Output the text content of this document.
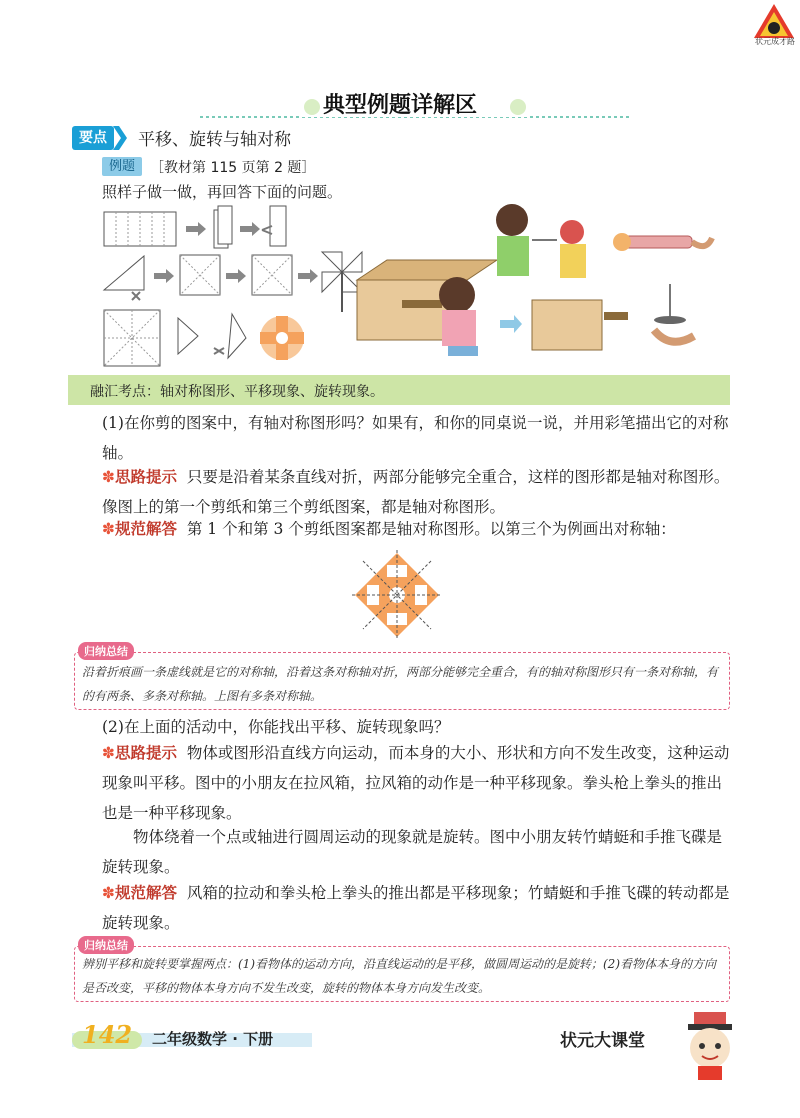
状元成才路
典型例题详解区
要点	平移、旋转与轴对称
例题	［教材第 115 页第 2 题］
照样子做一做，再回答下面的问题。
融汇考点：轴对称图形、平移现象、旋转现象。
(1)在你剪的图案中，有轴对称图形吗？如果有，和你的同桌说一说，并用彩笔描出它的对称轴。
✽思路提示 只要是沿着某条直线对折，两部分能够完全重合，这样的图形都是轴对称图形。像图上的第一个剪纸和第三个剪纸图案，都是轴对称图形。
✽规范解答 第 1 个和第 3 个剪纸图案都是轴对称图形。以第三个为例画出对称轴：
归纳总结
沿着折痕画一条虚线就是它的对称轴，沿着这条对称轴对折，两部分能够完全重合，有的轴对称图形只有一条对称轴，有的有两条、多条对称轴。上图有多条对称轴。
(2)在上面的活动中，你能找出平移、旋转现象吗？
✽思路提示 物体或图形沿直线方向运动，而本身的大小、形状和方向不发生改变，这种运动现象叫平移。图中的小朋友在拉风箱，拉风箱的动作是一种平移现象。拳头枪上拳头的推出也是一种平移现象。
物体绕着一个点或轴进行圆周运动的现象就是旋转。图中小朋友转竹蜻蜓和手推飞碟是旋转现象。
✽规范解答 风箱的拉动和拳头枪上拳头的推出都是平移现象；竹蜻蜓和手推飞碟的转动都是旋转现象。
归纳总结
辨别平移和旋转要掌握两点：(1)看物体的运动方向，沿直线运动的是平移，做圆周运动的是旋转；(2)看物体本身的方向是否改变，平移的物体本身方向不发生改变，旋转的物体本身方向发生改变。
142 二年级数学 · 下册	状元大课堂
